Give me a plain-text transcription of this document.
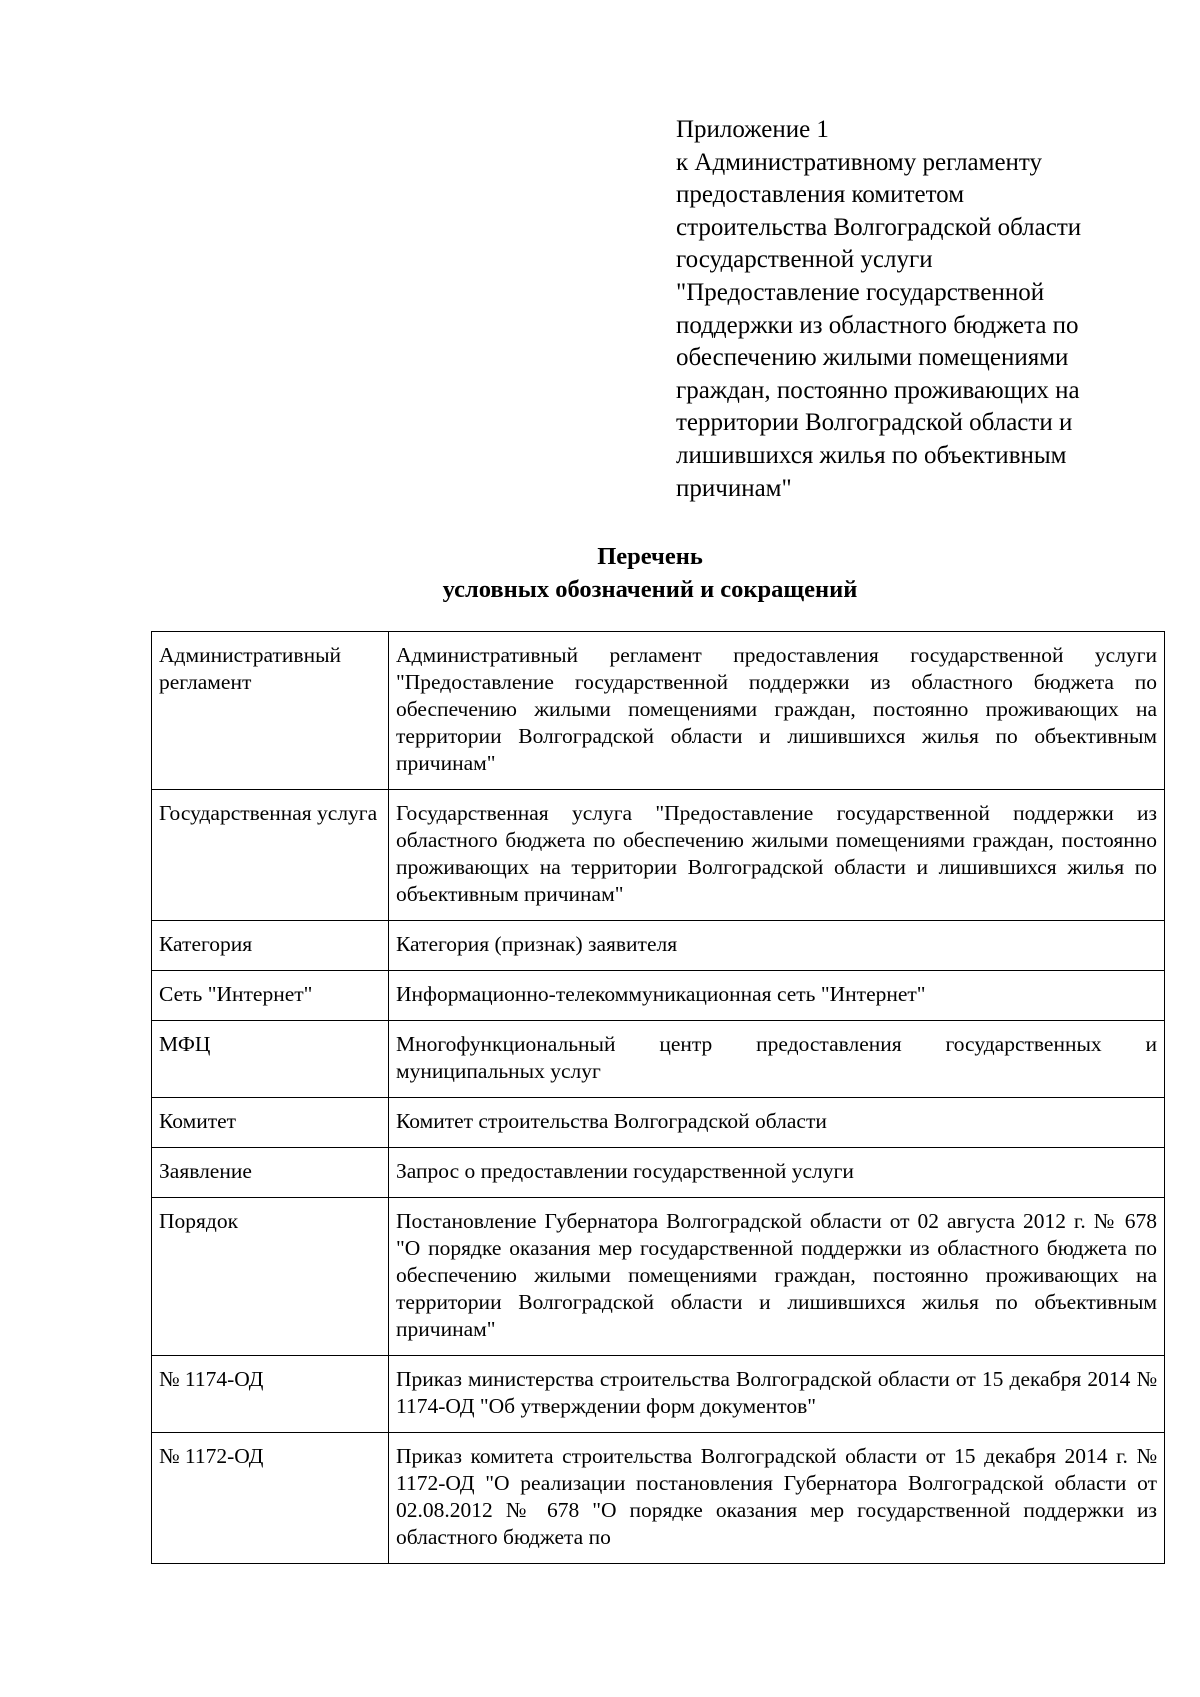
Приложение 1
к Административному регламенту
предоставления комитетом
строительства Волгоградской области
государственной услуги
"Предоставление государственной
поддержки из областного бюджета по
обеспечению жилыми помещениями
граждан, постоянно проживающих на
территории Волгоградской области и
лишившихся жилья по объективным
причинам"
Перечень
условных обозначений и сокращений
Административный регламент	Административный регламент предоставления государственной услуги "Предоставление государственной поддержки из областного бюджета по обеспечению жилыми помещениями граждан, постоянно проживающих на территории Волгоградской области и лишившихся жилья по объективным причинам"
Государственная услуга	Государственная услуга "Предоставление государственной поддержки из областного бюджета по обеспечению жилыми помещениями граждан, постоянно проживающих на территории Волгоградской области и лишившихся жилья по объективным причинам"
Категория	Категория (признак) заявителя
Сеть "Интернет"	Информационно-телекоммуникационная сеть "Интернет"
МФЦ	Многофункциональный центр предоставления государственных и муниципальных услуг
Комитет	Комитет строительства Волгоградской области
Заявление	Запрос о предоставлении государственной услуги
Порядок	Постановление Губернатора Волгоградской области от 02 августа 2012 г. № 678 "О порядке оказания мер государственной поддержки из областного бюджета по обеспечению жилыми помещениями граждан, постоянно проживающих на территории Волгоградской области и лишившихся жилья по объективным причинам"
№ 1174-ОД	Приказ министерства строительства Волгоградской области от 15 декабря 2014 № 1174-ОД "Об утверждении форм документов"
№ 1172-ОД	Приказ комитета строительства Волгоградской области от 15 декабря 2014 г. № 1172-ОД "О реализации постановления Губернатора Волгоградской области от 02.08.2012 № 678 "О порядке оказания мер государственной поддержки из областного бюджета по
